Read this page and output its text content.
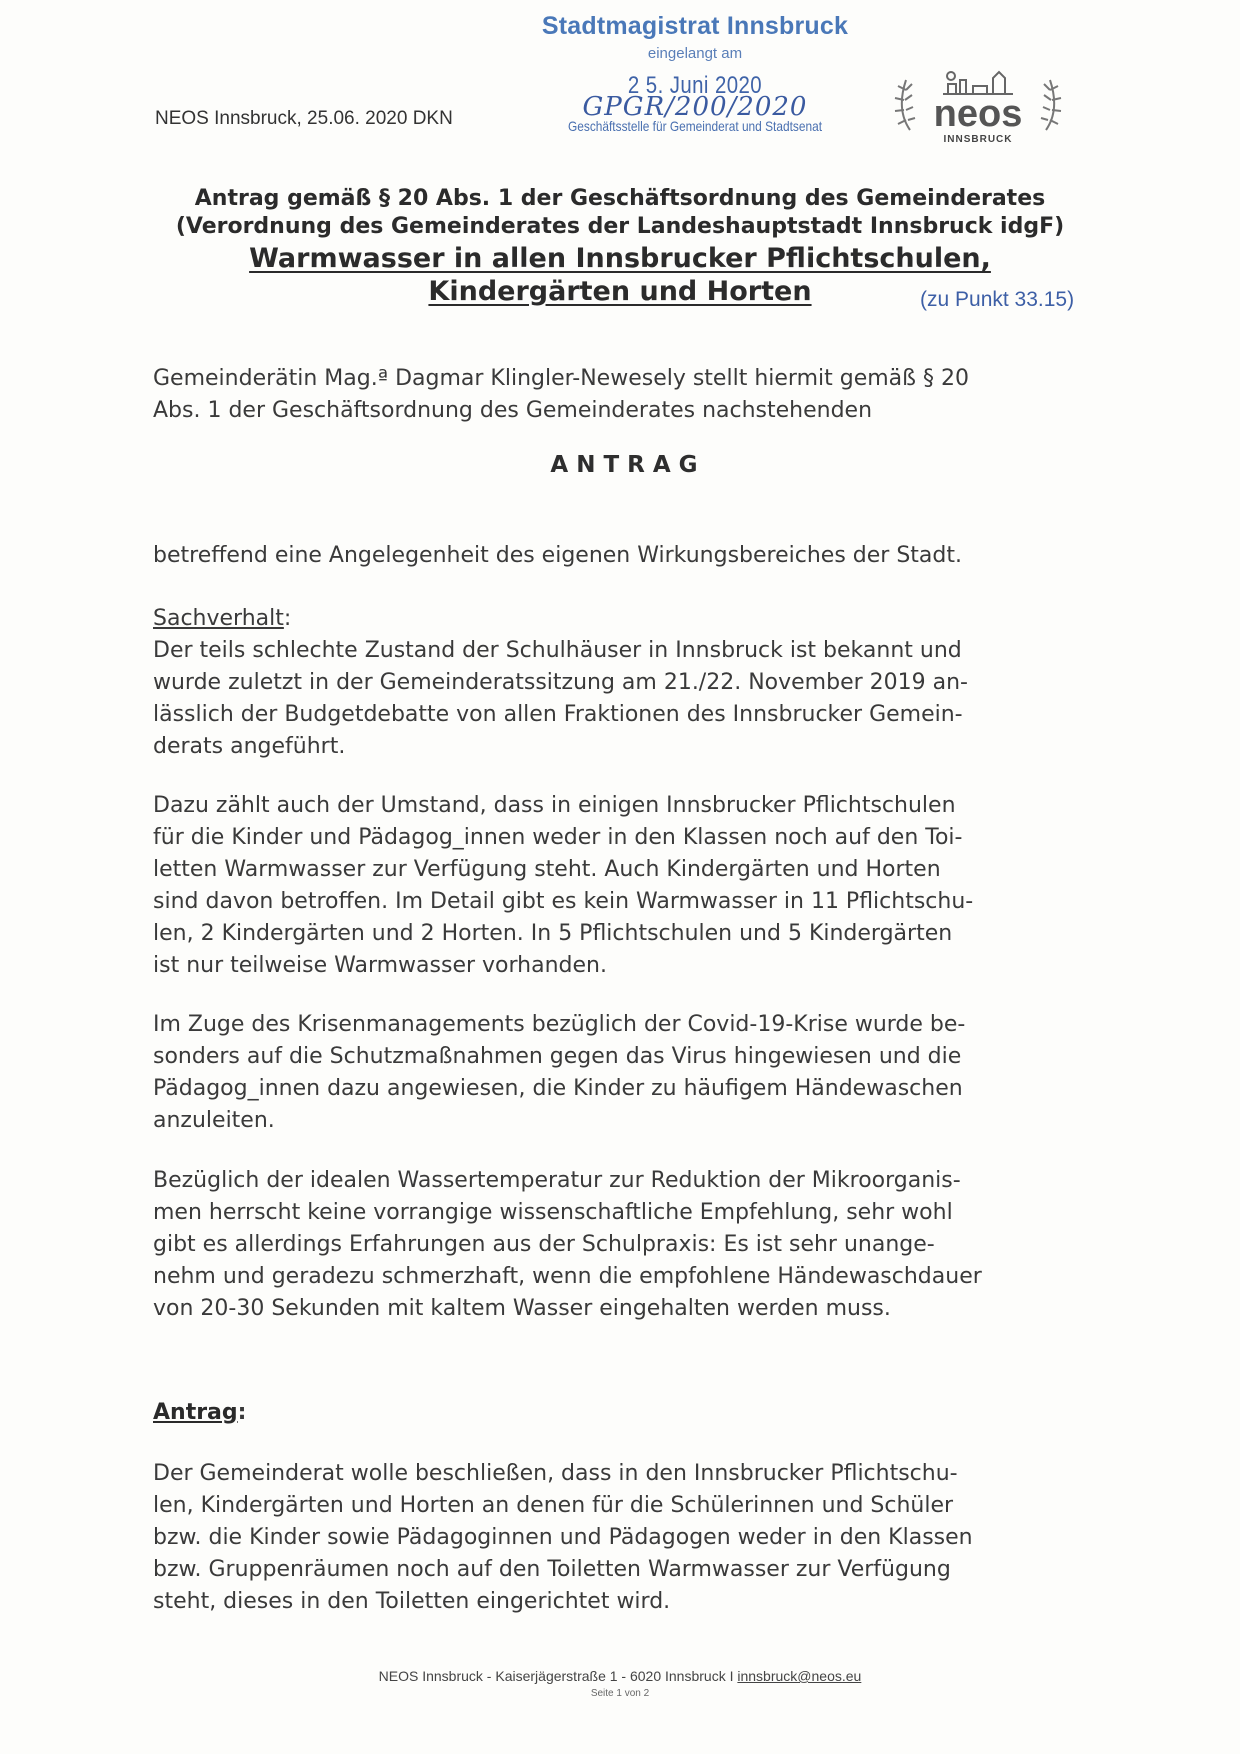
NEOS Innsbruck, 25.06. 2020 DKN
Stadtmagistrat Innsbruck
eingelangt am
2 5. Juni 2020
GPGR/200/2020
Geschäftsstelle für Gemeinderat und Stadtsenat	neos
INNSBRUCK
Antrag gemäß § 20 Abs. 1 der Geschäftsordnung des Gemeinderates
(Verordnung des Gemeinderates der Landeshauptstadt Innsbruck idgF)
Warmwasser in allen Innsbrucker Pflichtschulen,
Kindergärten und Horten	(zu Punkt 33.15)
Gemeinderätin Mag.ª Dagmar Klingler-Newesely stellt hiermit gemäß § 20
Abs. 1 der Geschäftsordnung des Gemeinderates nachstehenden
ANTRAG
betreffend eine Angelegenheit des eigenen Wirkungsbereiches der Stadt.
Sachverhalt:
Der teils schlechte Zustand der Schulhäuser in Innsbruck ist bekannt und
wurde zuletzt in der Gemeinderatssitzung am 21./22. November 2019 an-
lässlich der Budgetdebatte von allen Fraktionen des Innsbrucker Gemein-
derats angeführt.
Dazu zählt auch der Umstand, dass in einigen Innsbrucker Pflichtschulen
für die Kinder und Pädagog_innen weder in den Klassen noch auf den Toi-
letten Warmwasser zur Verfügung steht. Auch Kindergärten und Horten
sind davon betroffen. Im Detail gibt es kein Warmwasser in 11 Pflichtschu-
len, 2 Kindergärten und 2 Horten. In 5 Pflichtschulen und 5 Kindergärten
ist nur teilweise Warmwasser vorhanden.
Im Zuge des Krisenmanagements bezüglich der Covid-19-Krise wurde be-
sonders auf die Schutzmaßnahmen gegen das Virus hingewiesen und die
Pädagog_innen dazu angewiesen, die Kinder zu häufigem Händewaschen
anzuleiten.
Bezüglich der idealen Wassertemperatur zur Reduktion der Mikroorganis-
men herrscht keine vorrangige wissenschaftliche Empfehlung, sehr wohl
gibt es allerdings Erfahrungen aus der Schulpraxis: Es ist sehr unange-
nehm und geradezu schmerzhaft, wenn die empfohlene Händewaschdauer
von 20-30 Sekunden mit kaltem Wasser eingehalten werden muss.
Antrag:
Der Gemeinderat wolle beschließen, dass in den Innsbrucker Pflichtschu-
len, Kindergärten und Horten an denen für die Schülerinnen und Schüler
bzw. die Kinder sowie Pädagoginnen und Pädagogen weder in den Klassen
bzw. Gruppenräumen noch auf den Toiletten Warmwasser zur Verfügung
steht, dieses in den Toiletten eingerichtet wird.
NEOS Innsbruck - Kaiserjägerstraße 1 - 6020 Innsbruck I innsbruck@neos.eu
Seite 1 von 2
